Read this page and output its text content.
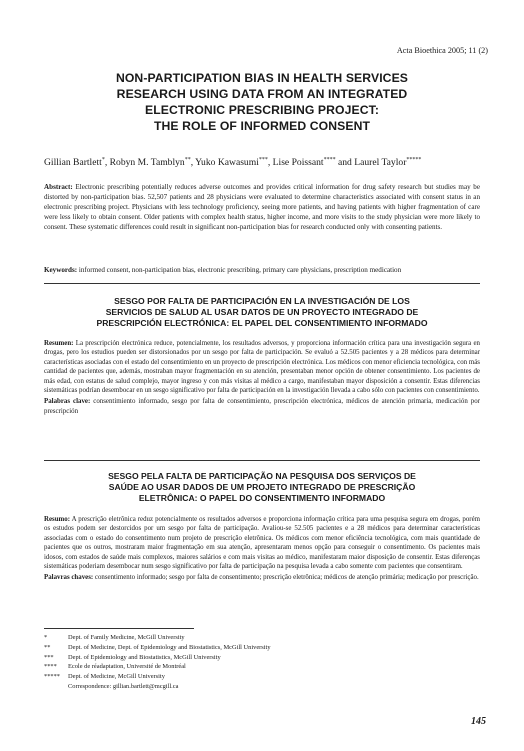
Acta Bioethica 2005; 11 (2)
NON-PARTICIPATION BIAS IN HEALTH SERVICES
RESEARCH USING DATA FROM AN INTEGRATED
ELECTRONIC PRESCRIBING PROJECT:
THE ROLE OF INFORMED CONSENT
Gillian Bartlett*, Robyn M. Tamblyn**, Yuko Kawasumi***, Lise Poissant**** and Laurel Taylor*****
Abstract: Electronic prescribing potentially reduces adverse outcomes and provides critical information for drug safety research but studies may be distorted by non-participation bias. 52,507 patients and 28 physicians were evaluated to determine characteristics associated with consent status in an electronic prescribing project. Physicians with less technology proficiency, seeing more patients, and having patients with higher fragmentation of care were less likely to obtain consent. Older patients with complex health status, higher income, and more visits to the study physician were more likely to consent. These systematic differences could result in significant non-participation bias for research conducted only with consenting patients.
Keywords: informed consent, non-participation bias, electronic prescribing, primary care physicians, prescription medication
SESGO POR FALTA DE PARTICIPACIÓN EN LA INVESTIGACIÓN DE LOS
SERVICIOS DE SALUD AL USAR DATOS DE UN PROYECTO INTEGRADO DE
PRESCRIPCIÓN ELECTRÓNICA: EL PAPEL DEL CONSENTIMIENTO INFORMADO
Resumen: La prescripción electrónica reduce, potencialmente, los resultados adversos, y proporciona información crítica para una investigación segura en drogas, pero los estudios pueden ser distorsionados por un sesgo por falta de participación. Se evaluó a 52.505 pacientes y a 28 médicos para determinar características asociadas con el estado del consentimiento en un proyecto de prescripción electrónica. Los médicos con menor eficiencia tecnológica, con más cantidad de pacientes que, además, mostraban mayor fragmentación en su atención, presentaban menor opción de obtener consentimiento. Los pacientes de más edad, con estatus de salud complejo, mayor ingreso y con más visitas al médico a cargo, manifestaban mayor disposición a consentir. Estas diferencias sistemáticas podrían desembocar en un sesgo significativo por falta de participación en la investigación llevada a cabo sólo con pacientes con consentimiento.
Palabras clave: consentimiento informado, sesgo por falta de consentimiento, prescripción electrónica, médicos de atención primaria, medicación por prescripción
SESGO PELA FALTA DE PARTICIPAÇÃO NA PESQUISA DOS SERVIÇOS DE
SAÚDE AO USAR DADOS DE UM PROJETO INTEGRADO DE PRESCRIÇÃO
ELETRÔNICA: O PAPEL DO CONSENTIMENTO INFORMADO
Resumo: A prescrição eletrônica reduz potencialmente os resultados adversos e proporciona informação crítica para uma pesquisa segura em drogas, porém os estudos podem ser destorcidos por um sesgo por falta de participação. Avaliou-se 52.505 pacientes e a 28 médicos para determinar características associadas com o estado do consentimento num projeto de prescrição eletrônica. Os médicos com menor eficiência tecnológica, com mais quantidade de pacientes que os outros, mostraram maior fragmentação em sua atenção, apresentaram menos opção para conseguir o consentimento. Os pacientes mais idosos, com estados de saúde mais complexos, maiores salários e com mais visitas ao médico, manifestaram maior disposição de consentir. Estas diferenças sistemáticas poderiam desembocar num sesgo significativo por falta de participação na pesquisa levada a cabo somente com pacientes que consentiram.
Palavras chaves: consentimento informado; sesgo por falta de consentimento; prescrição eletrônica; médicos de atenção primária; medicação por prescrição.
*	Dept. of Family Medicine, McGill University
**	Dept. of Medicine, Dept. of Epidemiology and Biostatistics, McGill University
***	Dept. of Epidemiology and Biostatistics, McGill University
****	Ecole de réadaptation, Université de Montréal
*****	Dept. of Medicine, McGill University
Correspondence: gillian.bartlett@mcgill.ca
145
